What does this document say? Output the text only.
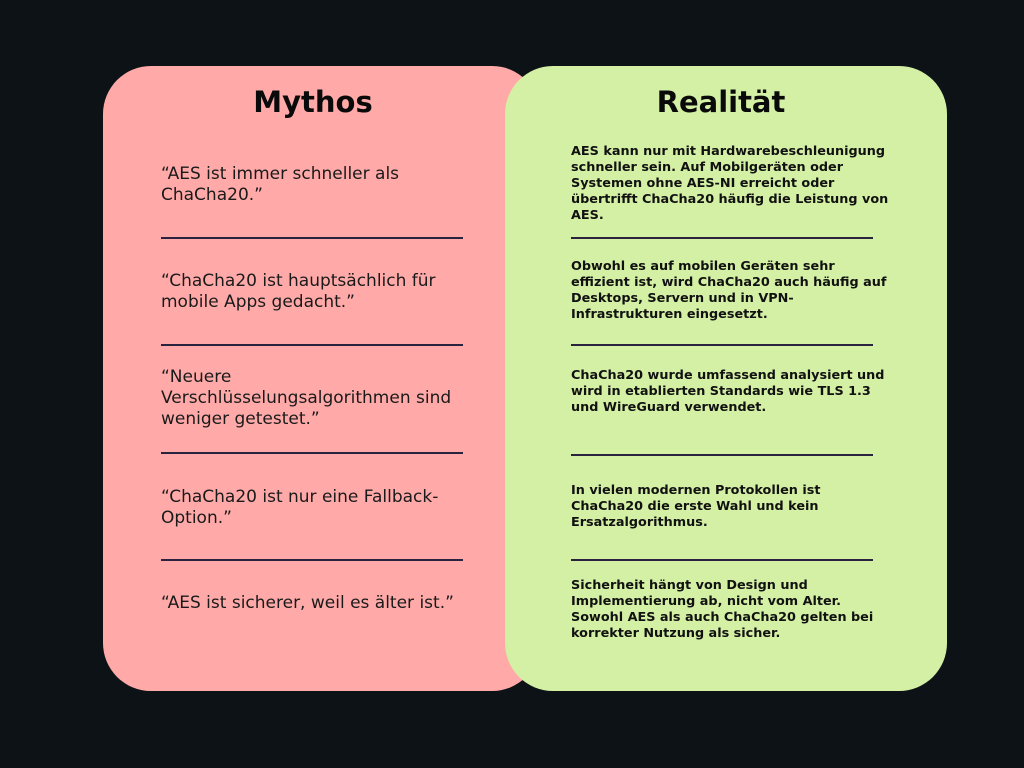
Mythos	Realität

“AES ist immer schneller als ChaCha20.”

“ChaCha20 ist hauptsächlich für mobile Apps gedacht.”

“Neuere Verschlüsselungsalgorithmen sind weniger getestet.”

“ChaCha20 ist nur eine Fallback-Option.”

“AES ist sicherer, weil es älter ist.”

AES kann nur mit Hardwarebeschleunigung schneller sein. Auf Mobilgeräten oder Systemen ohne AES-NI erreicht oder übertrifft ChaCha20 häufig die Leistung von AES.

Obwohl es auf mobilen Geräten sehr effizient ist, wird ChaCha20 auch häufig auf Desktops, Servern und in VPN-Infrastrukturen eingesetzt.

ChaCha20 wurde umfassend analysiert und wird in etablierten Standards wie TLS 1.3 und WireGuard verwendet.

In vielen modernen Protokollen ist ChaCha20 die erste Wahl und kein Ersatzalgorithmus.

Sicherheit hängt von Design und Implementierung ab, nicht vom Alter. Sowohl AES als auch ChaCha20 gelten bei korrekter Nutzung als sicher.
